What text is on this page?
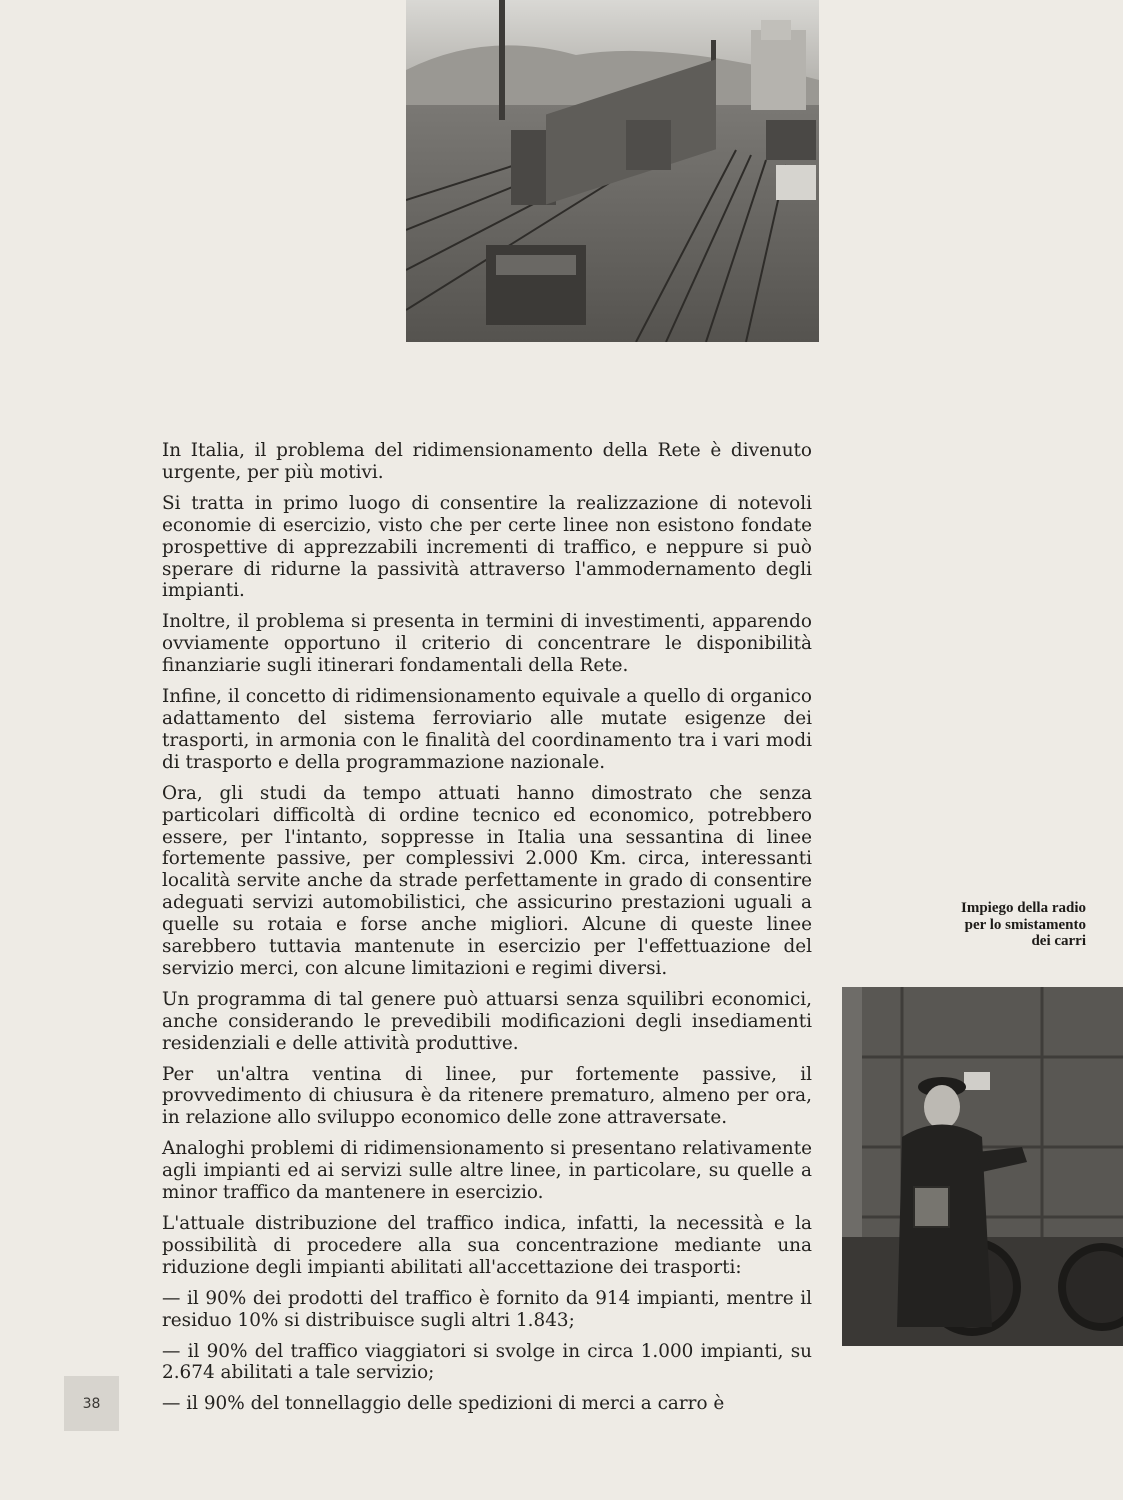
In Italia, il problema del ridimensionamento della Rete è divenuto urgente, per più motivi.

Si tratta in primo luogo di consentire la realizzazione di notevoli economie di esercizio, visto che per certe linee non esistono fondate prospettive di apprezzabili incrementi di traffico, e neppure si può sperare di ridurne la passività attraverso l'ammodernamento degli impianti.

Inoltre, il problema si presenta in termini di investimenti, apparendo ovviamente opportuno il criterio di concentrare le disponibilità finanziarie sugli itinerari fondamentali della Rete.

Infine, il concetto di ridimensionamento equivale a quello di organico adattamento del sistema ferroviario alle mutate esigenze dei trasporti, in armonia con le finalità del coordinamento tra i vari modi di trasporto e della programmazione nazionale.

Ora, gli studi da tempo attuati hanno dimostrato che senza particolari difficoltà di ordine tecnico ed economico, potrebbero essere, per l'intanto, soppresse in Italia una sessantina di linee fortemente passive, per complessivi 2.000 Km. circa, interessanti località servite anche da strade perfettamente in grado di consentire adeguati servizi automobilistici, che assicurino prestazioni uguali a quelle su rotaia e forse anche migliori. Alcune di queste linee sarebbero tuttavia mantenute in esercizio per l'effettuazione del servizio merci, con alcune limitazioni e regimi diversi.

Un programma di tal genere può attuarsi senza squilibri economici, anche considerando le prevedibili modificazioni degli insediamenti residenziali e delle attività produttive.

Per un'altra ventina di linee, pur fortemente passive, il provvedimento di chiusura è da ritenere prematuro, almeno per ora, in relazione allo sviluppo economico delle zone attraversate.

Analoghi problemi di ridimensionamento si presentano relativamente agli impianti ed ai servizi sulle altre linee, in particolare, su quelle a minor traffico da mantenere in esercizio.

L'attuale distribuzione del traffico indica, infatti, la necessità e la possibilità di procedere alla sua concentrazione mediante una riduzione degli impianti abilitati all'accettazione dei trasporti:

— il 90% dei prodotti del traffico è fornito da 914 impianti, mentre il residuo 10% si distribuisce sugli altri 1.843;

— il 90% del traffico viaggiatori si svolge in circa 1.000 impianti, su 2.674 abilitati a tale servizio;

— il 90% del tonnellaggio delle spedizioni di merci a carro è

Impiego della radio
per lo smistamento
dei carri
38
